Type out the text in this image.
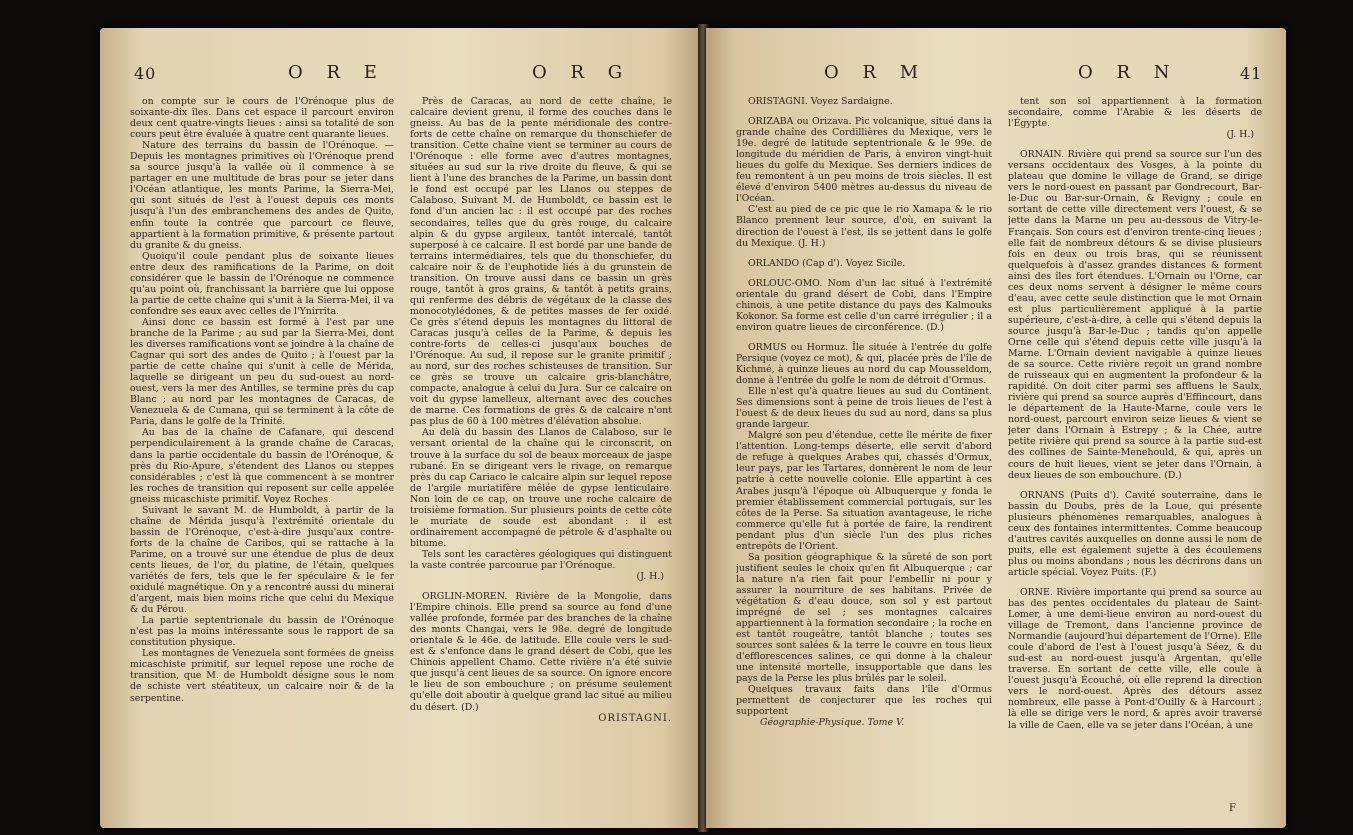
40	O R E	O R G

on compte sur le cours de l'Orénoque plus de soixante-dix îles. Dans cet espace il parcourt environ deux cent quatre-vingts lieues : ainsi sa totalité de son cours peut être évaluée à quatre cent quarante lieues.

Nature des terrains du bassin de l'Orénoque. — Depuis les montagnes primitives où l'Orénoque prend sa source jusqu'à la vallée où il commence à se partager en une multitude de bras pour se jeter dans l'Océan atlantique, les monts Parime, la Sierra-Mei, qui sont situés de l'est à l'ouest depuis ces monts jusqu'à l'un des embranchemens des andes de Quito, enfin toute la contrée que parcourt ce fleuve, appartient à la formation primitive, & présente partout du granite & du gneiss.

Quoiqu'il coule pendant plus de soixante lieues entre deux des ramifications de la Parime, on doit considérer que le bassin de l'Orénoque ne commence qu'au point où, franchissant la barrière que lui oppose la partie de cette chaîne qui s'unit à la Sierra-Mei, il va confondre ses eaux avec celles de l'Ynirrita.

Ainsi donc ce bassin est formé à l'est par une branche de la Parime ; au sud par la Sierra-Mei, dont les diverses ramifications vont se joindre à la chaîne de Cagnar qui sort des andes de Quito ; à l'ouest par la partie de cette chaîne qui s'unit à celle de Mérida, laquelle se dirigeant un peu du sud-ouest au nord-ouest, vers la mer des Antilles, se termine près du cap Blanc ; au nord par les montagnes de Caracas, de Venezuela & de Cumana, qui se terminent à la côte de Paria, dans le golfe de la Trinité.

Au bas de la chaîne de Cafanare, qui descend perpendiculairement à la grande chaîne de Caracas, dans la partie occidentale du bassin de l'Orénoque, & près du Rio-Apure, s'étendent des Llanos ou steppes considérables ; c'est là que commencent à se montrer les roches de transition qui reposent sur celle appelée gneiss micaschiste primitif. Voyez Roches.

Suivant le savant M. de Humboldt, à partir de la chaîne de Mérida jusqu'à l'extrémité orientale du bassin de l'Orénoque, c'est-à-dire jusqu'aux contre-forts de la chaîne de Caribos, qui se rattache à la Parime, on a trouvé sur une étendue de plus de deux cents lieues, de l'or, du platine, de l'étain, quelques variétés de fers, tels que le fer spéculaire & le fer oxidulé magnétique. On y a rencontré aussi du minerai d'argent, mais bien moins riche que celui du Mexique & du Pérou.

La partie septentrionale du bassin de l'Orénoque n'est pas la moins intéressante sous le rapport de sa constitution physique.

Les montagnes de Venezuela sont formées de gneiss micaschiste primitif, sur lequel repose une roche de transition, que M. de Humboldt désigne sous le nom de schiste vert stéatiteux, un calcaire noir & de la serpentine.

Près de Caracas, au nord de cette chaîne, le calcaire devient grenu, il forme des couches dans le gneiss. Au bas de la pente méridionale des contre-forts de cette chaîne on remarque du thonschiefer de transition. Cette chaîne vient se terminer au cours de l'Orénoque : elle forme avec d'autres montagnes, situées au sud sur la rive droite du fleuve, & qui se lient à l'une des branches de la Parime, un bassin dont le fond est occupé par les Llanos ou steppes de Calaboso. Suivant M. de Humboldt, ce bassin est le fond d'un ancien lac : il est occupé par des roches secondaires, telles que du grès rouge, du calcaire alpin & du gypse argileux, tantôt intercalé, tantôt superposé à ce calcaire. Il est bordé par une bande de terrains intermédiaires, tels que du thonschiefer, du calcaire noir & de l'euphotide liés à du grunstein de transition. On trouve aussi dans ce bassin un grès rouge, tantôt à gros grains, & tantôt à petits grains, qui renferme des débris de végétaux de la classe des monocotylédones, & de petites masses de fer oxidé. Ce grès s'étend depuis les montagnes du littoral de Caracas jusqu'à celles de la Parime, & depuis les contre-forts de celles-ci jusqu'aux bouches de l'Orénoque. Au sud, il repose sur le granite primitif ; au nord, sur des roches schisteuses de transition. Sur ce grès se trouve un calcaire gris-blanchâtre, compacte, analogue à celui du Jura. Sur ce calcaire on voit du gypse lamelleux, alternant avec des couches de marne. Ces formations de grès & de calcaire n'ont pas plus de 60 à 100 mètres d'élévation absolue.

Au delà du bassin des Llanos de Calaboso, sur le versant oriental de la chaîne qui le circonscrit, on trouve à la surface du sol de beaux morceaux de jaspe rubané. En se dirigeant vers le rivage, on remarque près du cap Cariaco le calcaire alpin sur lequel repose de l'argile muriatifère mêlée de gypse lenticulaire. Non loin de ce cap, on trouve une roche calcaire de troisième formation. Sur plusieurs points de cette côte le muriate de soude est abondant : il est ordinairement accompagné de pétrole & d'asphalte ou bitume.

Tels sont les caractères géologiques qui distinguent la vaste contrée parcourue par l'Orénoque.

(J. H.)

ORGLIN-MOREN. Rivière de la Mongolie, dans l'Empire chinois. Elle prend sa source au fond d'une vallée profonde, formée par des branches de la chaîne des monts Changai, vers le 98e. degré de longitude orientale & le 46e. de latitude. Elle coule vers le sud-est & s'enfonce dans le grand désert de Cobi, que les Chinois appellent Chamo. Cette rivière n'a été suivie que jusqu'à cent lieues de sa source. On ignore encore le lieu de son embouchure ; on présume seulement qu'elle doit aboutir à quelque grand lac situé au milieu du désert. (D.)

ORISTAGNI.

O R M	O R N	41

ORISTAGNI. Voyez Sardaigne.

ORIZABA ou Orizava. Pic volcanique, situé dans la grande chaîne des Cordillières du Mexique, vers le 19e. degré de latitude septentrionale & le 99e. de longitude du méridien de Paris, à environ vingt-huit lieues du golfe du Mexique. Ses derniers indices de feu remontent à un peu moins de trois siècles. Il est élevé d'environ 5400 mètres au-dessus du niveau de l'Océan.

C'est au pied de ce pic que le rio Xamapa & le rio Blanco prennent leur source, d'où, en suivant la direction de l'ouest à l'est, ils se jettent dans le golfe du Mexique. (J. H.)

ORLANDO (Cap d'). Voyez Sicile.

ORLOUC-OMO. Nom d'un lac situé à l'extrémité orientale du grand désert de Cobi, dans l'Empire chinois, à une petite distance du pays des Kalmouks Kokonor. Sa forme est celle d'un carré irrégulier ; il a environ quatre lieues de circonférence. (D.)

ORMUS ou Hormuz. Île située à l'entrée du golfe Persique (voyez ce mot), & qui, placée près de l'île de Kichmé, à quinze lieues au nord du cap Mousseldom, donne à l'entrée du golfe le nom de détroit d'Ormus.

Elle n'est qu'à quatre lieues au sud du Continent. Ses dimensions sont à peine de trois lieues de l'est à l'ouest & de deux lieues du sud au nord, dans sa plus grande largeur.

Malgré son peu d'étendue, cette île mérite de fixer l'attention. Long-temps déserte, elle servit d'abord de refuge à quelques Arabes qui, chassés d'Ormux, leur pays, par les Tartares, donnèrent le nom de leur patrie à cette nouvelle colonie. Elle appartint à ces Arabes jusqu'à l'époque où Albuquerque y fonda le premier établissement commercial portugais, sur les côtes de la Perse. Sa situation avantageuse, le riche commerce qu'elle fut à portée de faire, la rendirent pendant plus d'un siècle l'un des plus riches entrepôts de l'Orient.

Sa position géographique & la sûreté de son port justifient seules le choix qu'en fit Albuquerque ; car la nature n'a rien fait pour l'embellir ni pour y assurer la nourriture de ses habitans. Privée de végétation & d'eau douce, son sol y est partout imprégné de sel ; ses montagnes calcaires appartiennent à la formation secondaire ; la roche en est tantôt rougeâtre, tantôt blanche ; toutes ses sources sont salées & la terre le couvre en tous lieux d'efflorescences salines, ce qui donne à la chaleur une intensité mortelle, insupportable que dans les pays de la Perse les plus brûlés par le soleil.

Quelques travaux faits dans l'île d'Ormus permettent de conjecturer que les roches qui supportent

Géographie-Physique. Tome V.

tent son sol appartiennent à la formation secondaire, comme l'Arabie & les déserts de l'Égypte.

(J. H.)

ORNAIN. Rivière qui prend sa source sur l'un des versans occidentaux des Vosges, à la pointe du plateau que domine le village de Grand, se dirige vers le nord-ouest en passant par Gondrecourt, Bar-le-Duc ou Bar-sur-Ornain, & Revigny ; coule en sortant de cette ville directement vers l'ouest, & se jette dans la Marne un peu au-dessous de Vitry-le-Français. Son cours est d'environ trente-cinq lieues ; elle fait de nombreux détours & se divise plusieurs fois en deux ou trois bras, qui se réunissent quelquefois à d'assez grandes distances & forment ainsi des îles fort étendues. L'Ornain ou l'Orne, car ces deux noms servent à désigner le même cours d'eau, avec cette seule distinction que le mot Ornain est plus particulièrement appliqué à la partie supérieure, c'est-à-dire, à celle qui s'étend depuis la source jusqu'à Bar-le-Duc ; tandis qu'on appelle Orne celle qui s'étend depuis cette ville jusqu'à la Marne. L'Ornain devient navigable à quinze lieues de sa source. Cette rivière reçoit un grand nombre de ruisseaux qui en augmentent la profondeur & la rapidité. On doit citer parmi ses affluens le Saulx, rivière qui prend sa source auprès d'Effincourt, dans le département de la Haute-Marne, coule vers le nord-ouest, parcourt environ seize lieues & vient se jeter dans l'Ornain à Estrepy ; & la Chée, autre petite rivière qui prend sa source à la partie sud-est des collines de Sainte-Menehould, & qui, après un cours de huit lieues, vient se jeter dans l'Ornain, à deux lieues de son embouchure. (D.)

ORNANS (Puits d'). Cavité souterraine, dans le bassin du Doubs, près de la Loue, qui présente plusieurs phénomènes remarquables, analogues à ceux des fontaines intermittentes. Comme beaucoup d'autres cavités auxquelles on donne aussi le nom de puits, elle est également sujette à des écoulemens plus ou moins abondans ; nous les décrirons dans un article spécial. Voyez Puits. (F.)

ORNE. Rivière importante qui prend sa source au bas des pentes occidentales du plateau de Saint-Lomer, à une demi-lieue environ au nord-ouest du village de Tremont, dans l'ancienne province de Normandie (aujourd'hui département de l'Orne). Elle coule d'abord de l'est à l'ouest jusqu'à Séez, & du sud-est au nord-ouest jusqu'à Argentan, qu'elle traverse. En sortant de cette ville, elle coule à l'ouest jusqu'à Écouché, où elle reprend la direction vers le nord-ouest. Après des détours assez nombreux, elle passe à Pont-d'Ouilly & à Harcourt ; là elle se dirige vers le nord, & après avoir traversé la ville de Caen, elle va se jeter dans l'Océan, à une

F
